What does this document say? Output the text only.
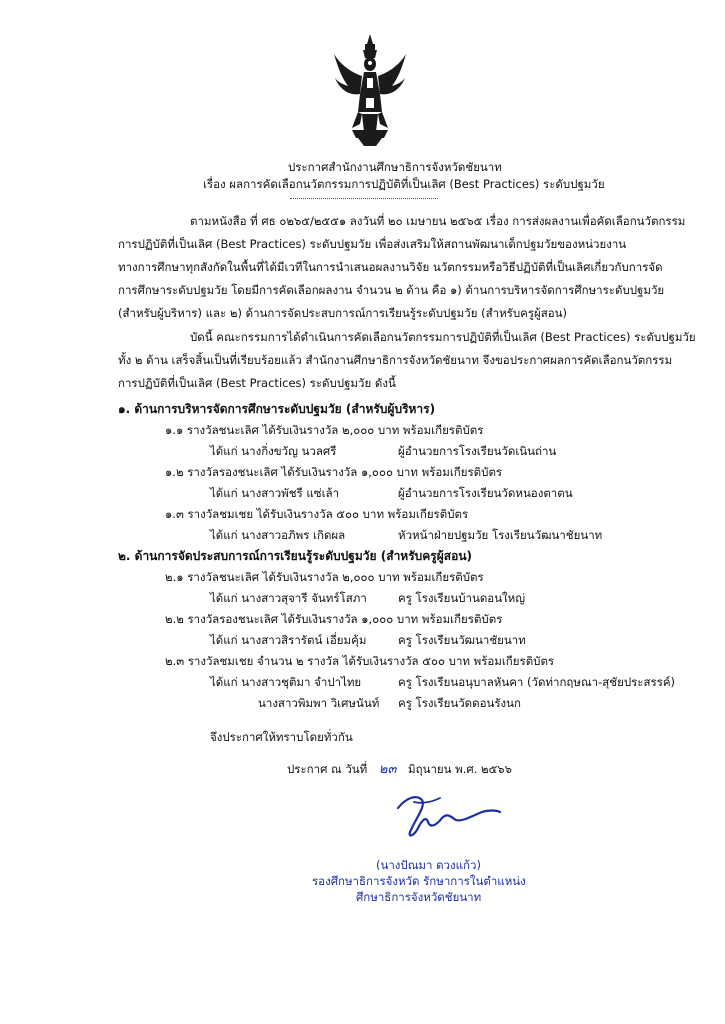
ประกาศสำนักงานศึกษาธิการจังหวัดชัยนาท
เรื่อง ผลการคัดเลือกนวัตกรรมการปฏิบัติที่เป็นเลิศ (Best Practices) ระดับปฐมวัย
ตามหนังสือ ที่ ศธ ๐๒๖๕/๒๕๕๑ ลงวันที่ ๒๐ เมษายน ๒๕๖๕ เรื่อง การส่งผลงานเพื่อคัดเลือกนวัตกรรม
การปฏิบัติที่เป็นเลิศ (Best Practices) ระดับปฐมวัย เพื่อส่งเสริมให้สถานพัฒนาเด็กปฐมวัยของหน่วยงาน
ทางการศึกษาทุกสังกัดในพื้นที่ได้มีเวทีในการนำเสนอผลงานวิจัย นวัตกรรมหรือวิธีปฏิบัติที่เป็นเลิศเกี่ยวกับการจัด
การศึกษาระดับปฐมวัย โดยมีการคัดเลือกผลงาน จำนวน ๒ ด้าน คือ ๑) ด้านการบริหารจัดการศึกษาระดับปฐมวัย
(สำหรับผู้บริหาร) และ ๒) ด้านการจัดประสบการณ์การเรียนรู้ระดับปฐมวัย (สำหรับครูผู้สอน)
บัดนี้ คณะกรรมการได้ดำเนินการคัดเลือกนวัตกรรมการปฏิบัติที่เป็นเลิศ (Best Practices) ระดับปฐมวัย
ทั้ง ๒ ด้าน เสร็จสิ้นเป็นที่เรียบร้อยแล้ว สำนักงานศึกษาธิการจังหวัดชัยนาท จึงขอประกาศผลการคัดเลือกนวัตกรรม
การปฏิบัติที่เป็นเลิศ (Best Practices) ระดับปฐมวัย ดังนี้
๑. ด้านการบริหารจัดการศึกษาระดับปฐมวัย (สำหรับผู้บริหาร)
๑.๑ รางวัลชนะเลิศ ได้รับเงินรางวัล ๒,๐๐๐ บาท พร้อมเกียรติบัตร
ได้แก่ นางกิ่งขวัญ นวลศรี	ผู้อำนวยการโรงเรียนวัดเนินถ่าน
๑.๒ รางวัลรองชนะเลิศ ได้รับเงินรางวัล ๑,๐๐๐ บาท พร้อมเกียรติบัตร
ได้แก่ นางสาวพัชรี แซ่เล้า	ผู้อำนวยการโรงเรียนวัดหนองตาตน
๑.๓ รางวัลชมเชย ได้รับเงินรางวัล ๕๐๐ บาท พร้อมเกียรติบัตร
ได้แก่ นางสาวอภิพร เกิดผล	หัวหน้าฝ่ายปฐมวัย โรงเรียนวัฒนาชัยนาท
๒. ด้านการจัดประสบการณ์การเรียนรู้ระดับปฐมวัย (สำหรับครูผู้สอน)
๒.๑ รางวัลชนะเลิศ ได้รับเงินรางวัล ๒,๐๐๐ บาท พร้อมเกียรติบัตร
ได้แก่ นางสาวสุจารี จันทร์โสภา	ครู โรงเรียนบ้านดอนใหญ่
๒.๒ รางวัลรองชนะเลิศ ได้รับเงินรางวัล ๑,๐๐๐ บาท พร้อมเกียรติบัตร
ได้แก่ นางสาวสิรารัตน์ เอี่ยมคุ้ม	ครู โรงเรียนวัฒนาชัยนาท
๒.๓ รางวัลชมเชย จำนวน ๒ รางวัล ได้รับเงินรางวัล ๕๐๐ บาท พร้อมเกียรติบัตร
ได้แก่ นางสาวชุติมา จำปาไทย	ครู โรงเรียนอนุบาลหันคา (วัดท่ากฤษณา-สุชัยประสรรค์)
นางสาวพิมพา วิเศษนันท์ ครู โรงเรียนวัดดอนรังนก
จึงประกาศให้ทราบโดยทั่วกัน
ประกาศ ณ วันที่ ๒๓ มิถุนายน พ.ศ. ๒๕๖๖
(นางปัณมา ดวงแก้ว)
รองศึกษาธิการจังหวัด รักษาการในตำแหน่ง
ศึกษาธิการจังหวัดชัยนาท
